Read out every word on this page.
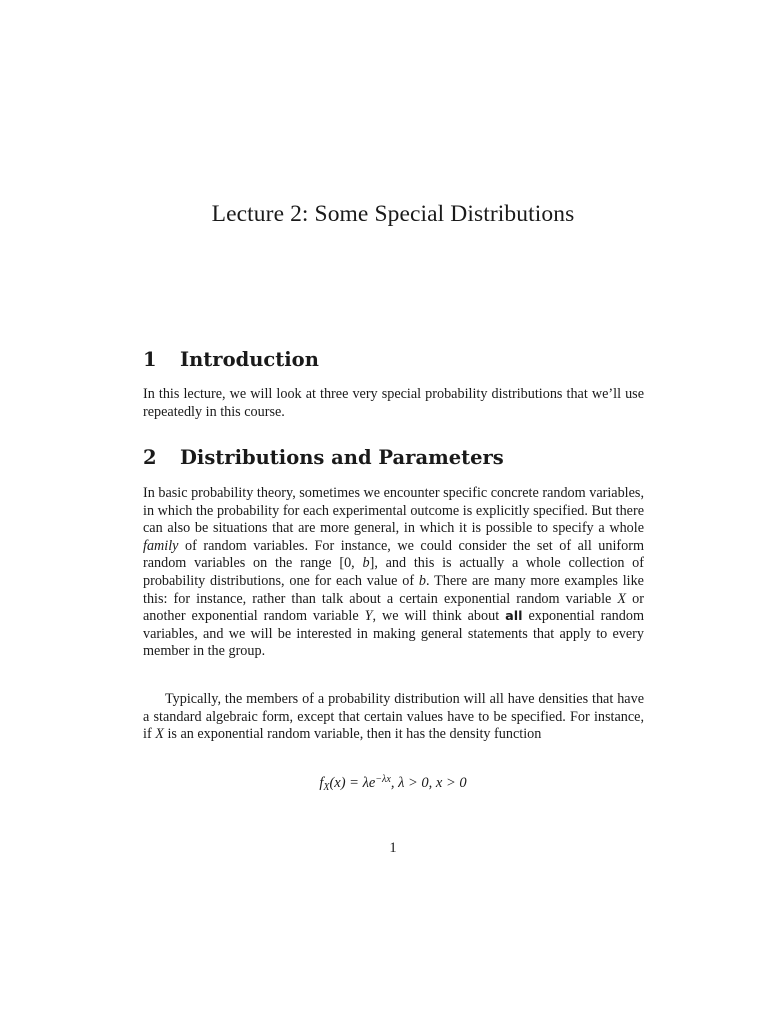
Lecture 2: Some Special Distributions
1 Introduction

In this lecture, we will look at three very special probability distributions that we’ll use repeatedly in this course.

2 Distributions and Parameters

In basic probability theory, sometimes we encounter specific concrete random variables, in which the probability for each experimental outcome is explicitly specified. But there can also be situations that are more general, in which it is possible to specify a whole family of random variables. For instance, we could consider the set of all uniform random variables on the range [0, b], and this is actually a whole collection of probability distributions, one for each value of b. There are many more examples like this: for instance, rather than talk about a certain exponential random variable X or another exponential random variable Y, we will think about all exponential random variables, and we will be interested in making general statements that apply to every member in the group.

Typically, the members of a probability distribution will all have densities that have a standard algebraic form, except that certain values have to be specified. For instance, if X is an exponential random variable, then it has the density function

$f_X(x) = \lambda e^{-\lambda x}$, λ > 0, x > 0

1
